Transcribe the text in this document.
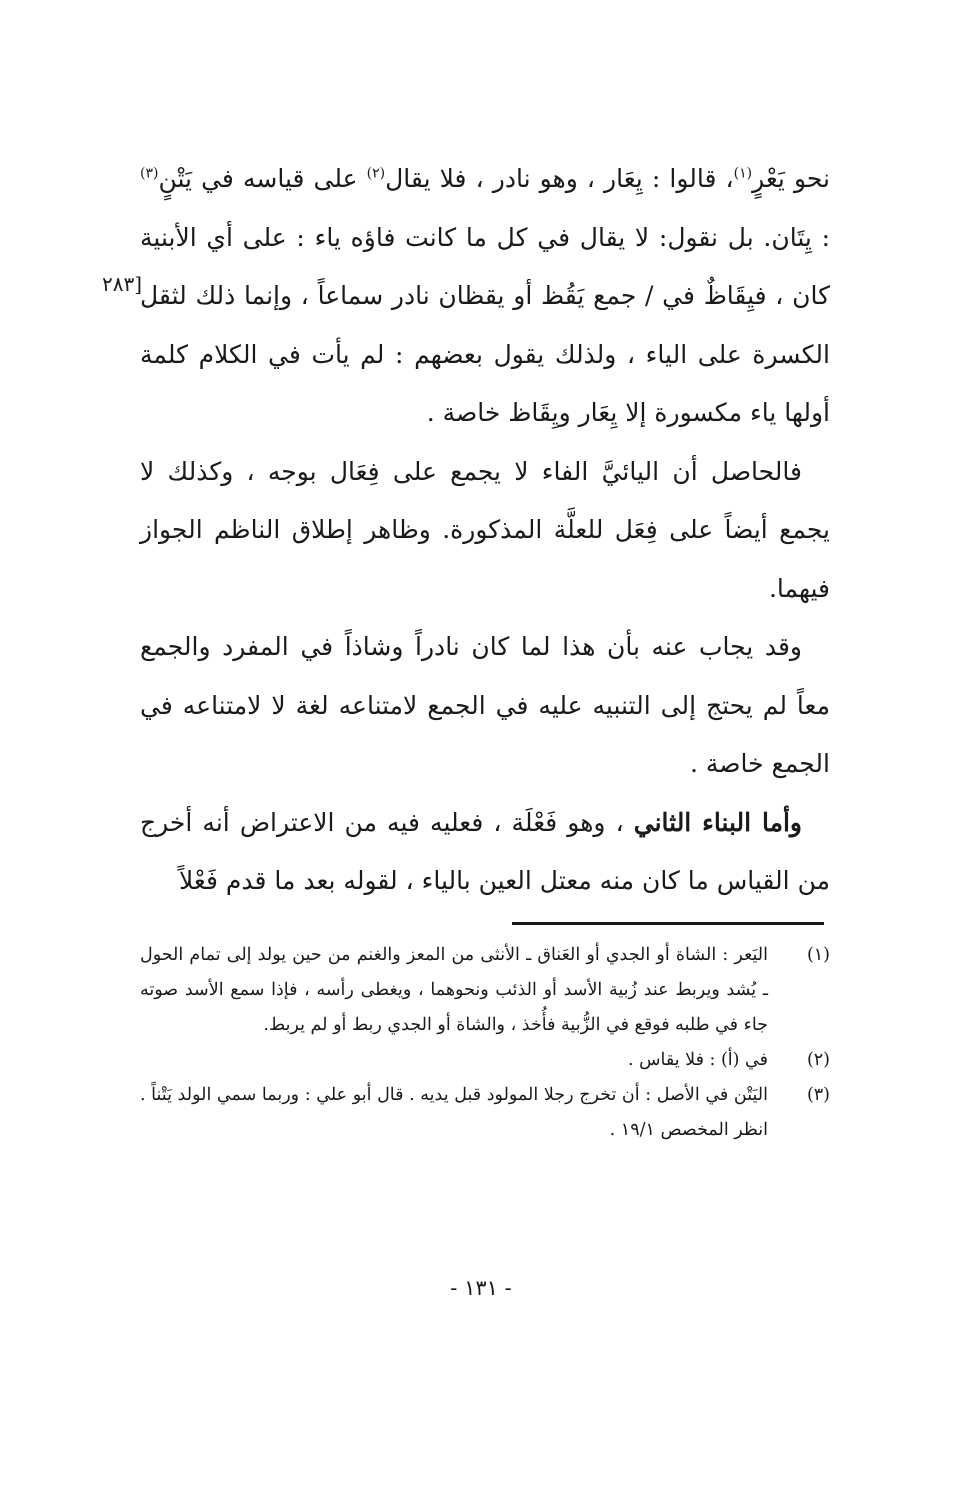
نحو يَعْرٍ$^{(١)}$، قالوا : يِعَار ، وهو نادر ، فلا يقال$^{(٢)}$ على قياسه في يَتْنٍ$^{(٣)}$ : يِتَان. بل نقول: لا يقال في كل ما كانت فاؤه ياء : على أي الأبنية كان ، فيِقَاظٌ في / جمع يَقُظ أو يقظان نادر سماعاً ، وإنما ذلك لثقل الكسرة على الياء ، ولذلك يقول بعضهم : لم يأت في الكلام كلمة أولها ياء مكسورة إلا يِعَار ويِقَاظ خاصة .

فالحاصل أن اليائيَّ الفاء لا يجمع على فِعَال بوجه ، وكذلك لا يجمع أيضاً على فِعَل للعلَّة المذكورة. وظاهر إطلاق الناظم الجواز فيهما.

وقد يجاب عنه بأن هذا لما كان نادراً وشاذاً في المفرد والجمع معاً لم يحتج إلى التنبيه عليه في الجمع لامتناعه لغة لا لامتناعه في الجمع خاصة .

وأما البناء الثاني ، وهو فَعْلَة ، فعليه فيه من الاعتراض أنه أخرج من القياس ما كان منه معتل العين بالياء ، لقوله بعد ما قدم فَعْلاً

[٢٨٣
(١)
اليَعر : الشاة أو الجدي أو العَناق ـ الأنثى من المعز والغنم من حين يولد إلى تمام الحول ـ يُشد ويربط عند زُبية الأسد أو الذئب ونحوهما ، ويغطى رأسه ، فإذا سمع الأسد صوته جاء في طلبه فوقع في الزُّبية فأُخذ ، والشاة أو الجدي ربط أو لم يربط.
(٢)
في (أ) : فلا يقاس .
(٣)
اليَتْن في الأصل : أن تخرج رجلا المولود قبل يديه . قال أبو علي : وربما سمي الولد يَتْناً . انظر المخصص ١٩/١ .
- ١٣١ -
